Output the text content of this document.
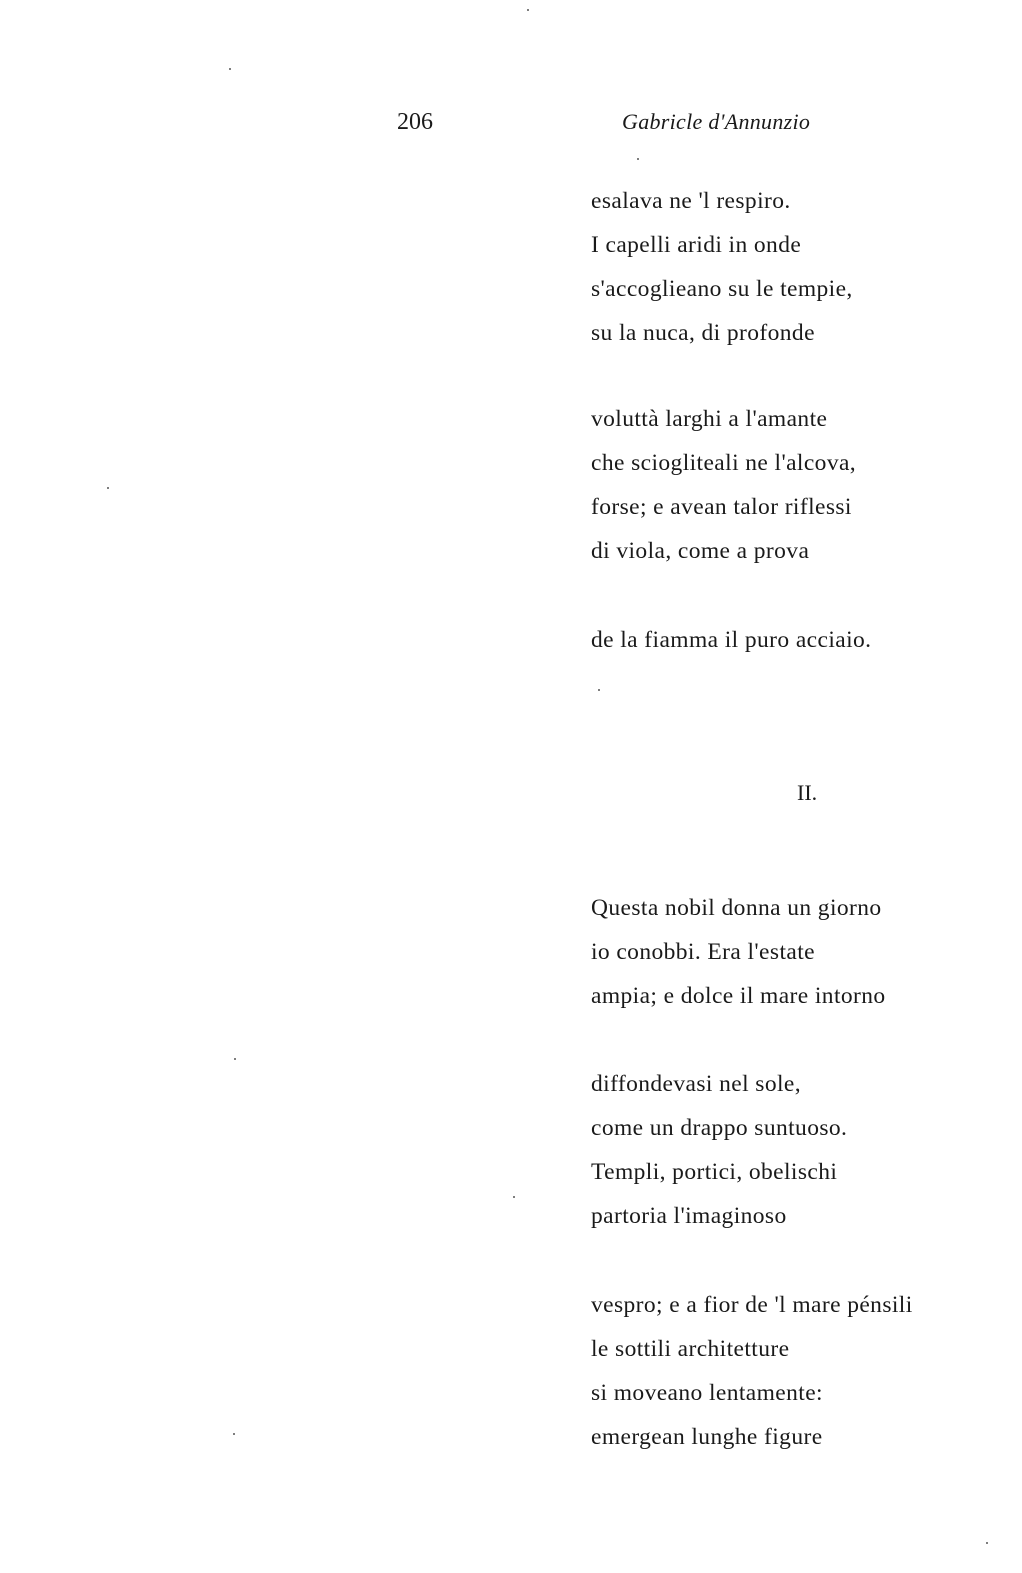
206	Gabricle d'Annunzio
esalava ne 'l respiro.
I capelli aridi in onde
s'accoglieano su le tempie,
su la nuca, di profonde
voluttà larghi a l'amante
che sciogliteali ne l'alcova,
forse; e avean talor riflessi
di viola, come a prova
de la fiamma il puro acciaio.
II.
Questa nobil donna un giorno
io conobbi. Era l'estate
ampia; e dolce il mare intorno
diffondevasi nel sole,
come un drappo suntuoso.
Templi, portici, obelischi
partoria l'imaginoso
vespro; e a fior de 'l mare pénsili
le sottili architetture
si moveano lentamente:
emergean lunghe figure
